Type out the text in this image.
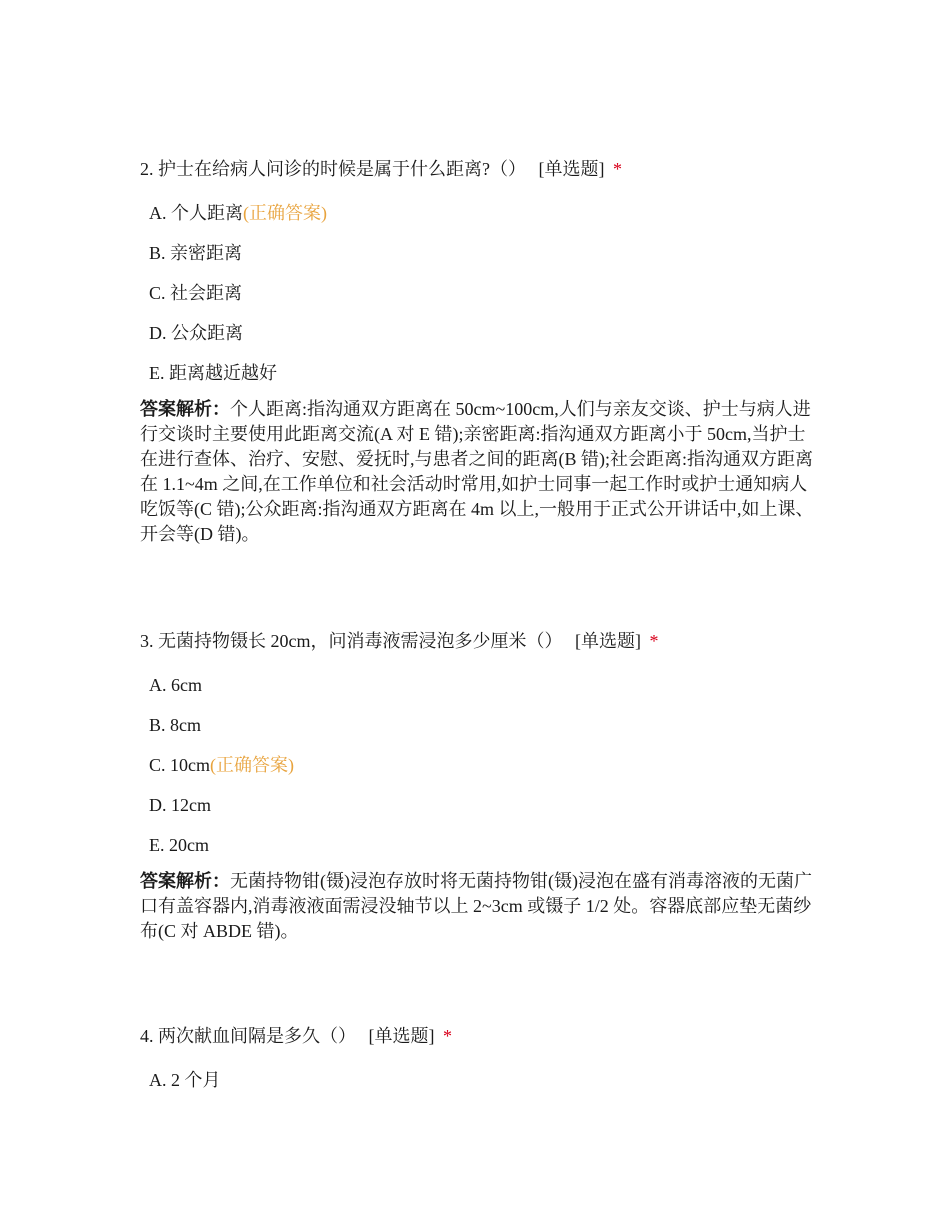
2. 护士在给病人问诊的时候是属于什么距离?（） [单选题] *
A. 个人距离(正确答案)
B. 亲密距离
C. 社会距离
D. 公众距离
E. 距离越近越好
答案解析：个人距离:指沟通双方距离在 50cm~100cm,人们与亲友交谈、护士与病人进行交谈时主要使用此距离交流(A 对 E 错);亲密距离:指沟通双方距离小于 50cm,当护士在进行查体、治疗、安慰、爱抚时,与患者之间的距离(B 错);社会距离:指沟通双方距离在 1.1~4m 之间,在工作单位和社会活动时常用,如护士同事一起工作时或护士通知病人吃饭等(C 错);公众距离:指沟通双方距离在 4m 以上,一般用于正式公开讲话中,如上课、开会等(D 错)。
3. 无菌持物镊长 20cm，问消毒液需浸泡多少厘米（） [单选题] *
A. 6cm
B. 8cm
C. 10cm(正确答案)
D. 12cm
E. 20cm
答案解析：无菌持物钳(镊)浸泡存放时将无菌持物钳(镊)浸泡在盛有消毒溶液的无菌广口有盖容器内,消毒液液面需浸没轴节以上 2~3cm 或镊子 1/2 处。容器底部应垫无菌纱布(C 对 ABDE 错)。
4. 两次献血间隔是多久（） [单选题] *
A. 2 个月
